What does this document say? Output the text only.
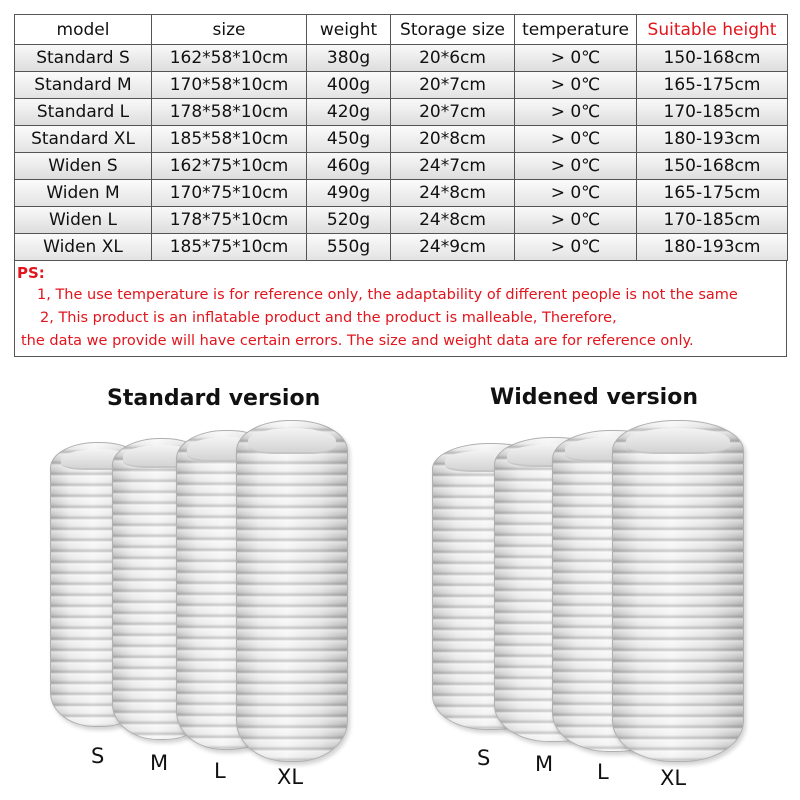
model	size	weight	Storage size	temperature	Suitable height
Standard S	162*58*10cm	380g	20*6cm	> 0℃	150-168cm
Standard M	170*58*10cm	400g	20*7cm	> 0℃	165-175cm
Standard L	178*58*10cm	420g	20*7cm	> 0℃	170-185cm
Standard XL	185*58*10cm	450g	20*8cm	> 0℃	180-193cm
Widen S	162*75*10cm	460g	24*7cm	> 0℃	150-168cm
Widen M	170*75*10cm	490g	24*8cm	> 0℃	165-175cm
Widen L	178*75*10cm	520g	24*8cm	> 0℃	170-185cm
Widen XL	185*75*10cm	550g	24*9cm	> 0℃	180-193cm
PS:
1, The use temperature is for reference only, the adaptability of different people is not the same
2, This product is an inflatable product and the product is malleable, Therefore,
the data we provide will have certain errors. The size and weight data are for reference only.
Standard version
S M L XL
Widened version
S M L XL
